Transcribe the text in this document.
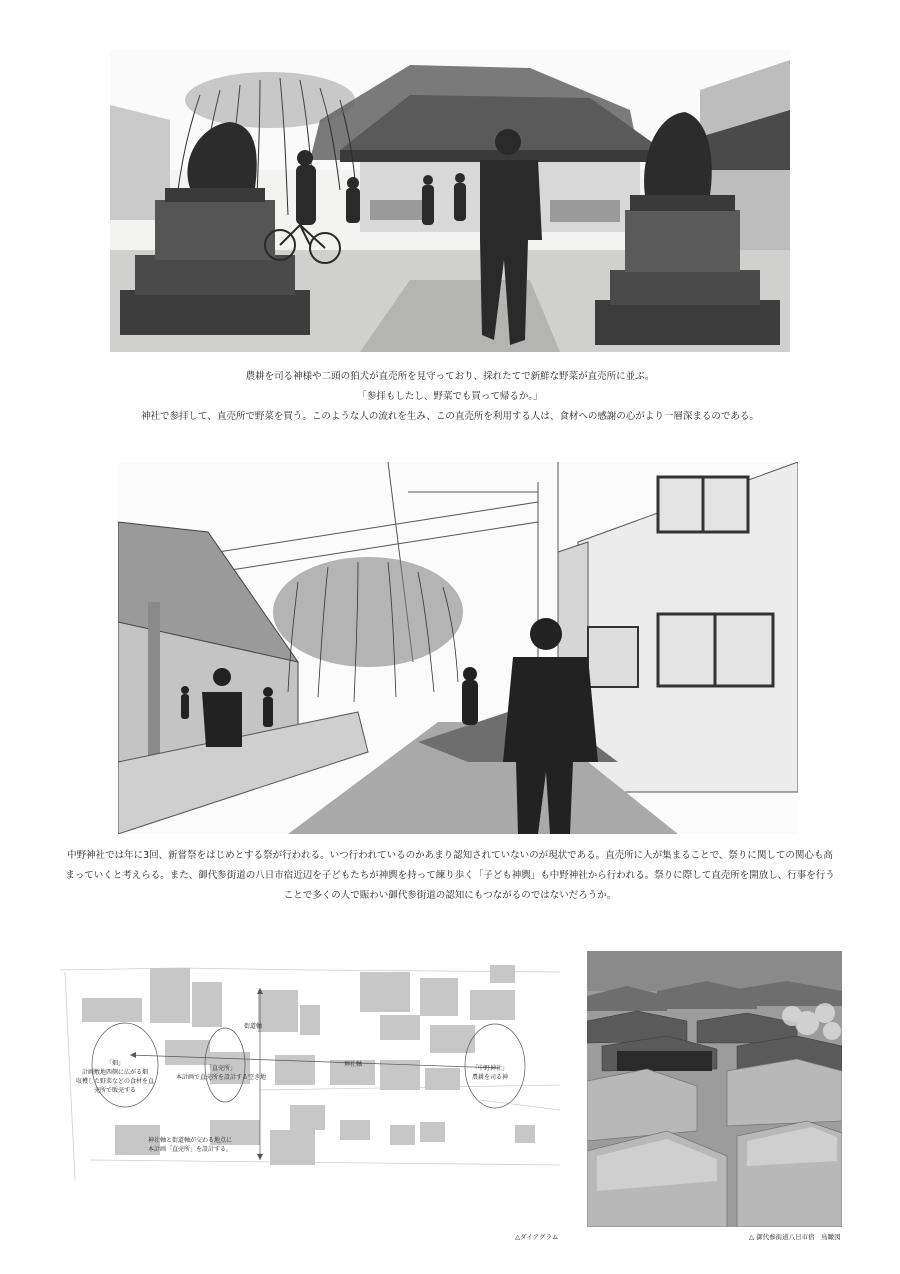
農耕を司る神様や二頭の狛犬が直売所を見守っており、採れたてで新鮮な野菜が直売所に並ぶ。

「参拝もしたし、野菜でも買って帰るか。」

神社で参拝して、直売所で野菜を買う。このような人の流れを生み、この直売所を利用する人は、食材への感謝の心がより一層深まるのである。

中野神社では年に3回、新嘗祭をはじめとする祭が行われる。いつ行われているのかあまり認知されていないのが現状である。直売所に人が集まることで、祭りに関しての関心も高

まっていくと考えらる。また、御代参街道の八日市宿近辺を子どもたちが神輿を持って練り歩く「子ども神輿」も中野神社から行われる。祭りに際して直売所を開放し、行事を行う

ことで多くの人で賑わい御代参街道の認知にもつながるのではないだろうか。

街道軸
神社軸
「畑」
計画敷地西側に広がる畑
収穫した野菜などの食材を直
売所で販売する
「直売所」
本計画で直売所を設計する空き地
「中野神社」
農耕を司る神
神社軸と街道軸が交わる地点に
本計画「直売所」を設計する。
△ダイアグラム	△ 御代参街道八日市宿　鳥瞰図
